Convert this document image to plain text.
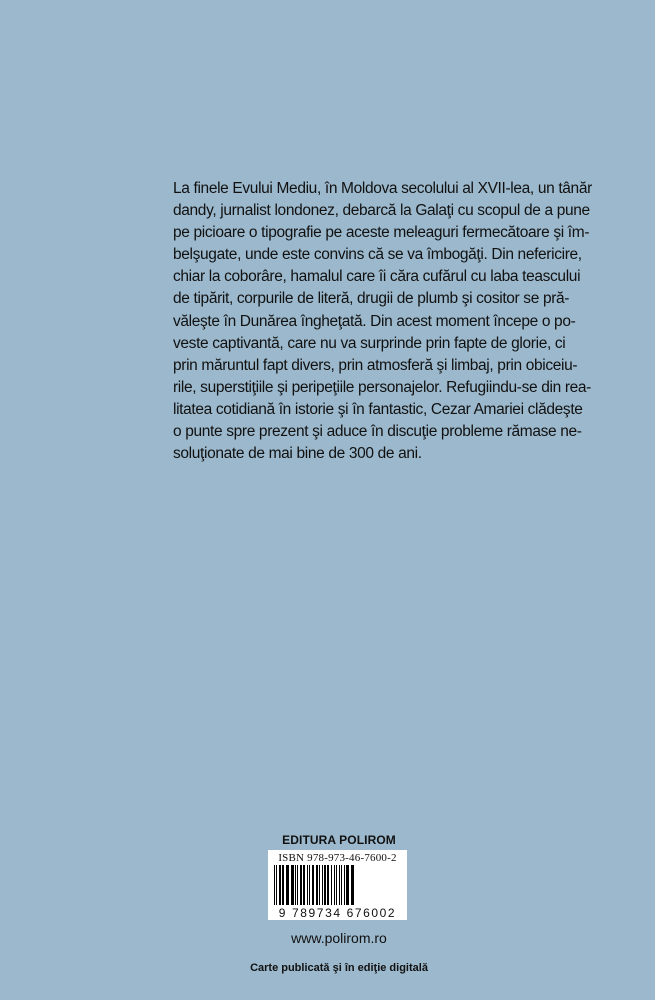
La finele Evului Mediu, în Moldova secolului al XVII-lea, un tânăr
dandy, jurnalist londonez, debarcă la Galaţi cu scopul de a pune
pe picioare o tipografie pe aceste meleaguri fermecătoare şi îm-
belşugate, unde este convins că se va îmbogăţi. Din nefericire,
chiar la coborâre, hamalul care îi căra cufărul cu laba teascului
de tipărit, corpurile de literă, drugii de plumb şi cositor se pră-
văleşte în Dunărea îngheţată. Din acest moment începe o po-
veste captivantă, care nu va surprinde prin fapte de glorie, ci
prin măruntul fapt divers, prin atmosferă şi limbaj, prin obiceiu-
rile, superstiţiile şi peripeţiile personajelor. Refugiindu-se din rea-
litatea cotidiană în istorie şi în fantastic, Cezar Amariei clădeşte
o punte spre prezent şi aduce în discuţie probleme rămase ne-
soluţionate de mai bine de 300 de ani.
EDITURA POLIROM
ISBN 978-973-46-7600-2
9 789734 676002
www.polirom.ro
Carte publicată şi în ediţie digitală
